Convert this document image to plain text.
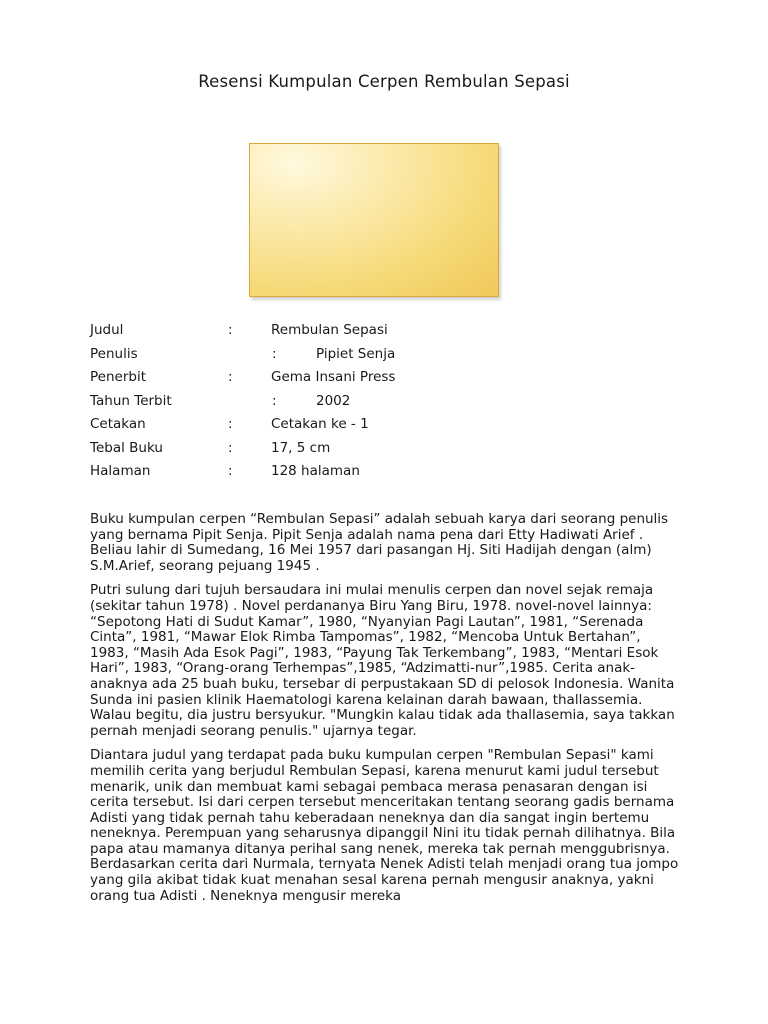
Resensi Kumpulan Cerpen Rembulan Sepasi
Judul	:	Rembulan Sepasi
Penulis	:	Pipiet Senja
Penerbit	:	Gema Insani Press
Tahun Terbit	:	2002
Cetakan	:	Cetakan ke - 1
Tebal Buku	:	17, 5 cm
Halaman	:	128 halaman

Buku kumpulan cerpen “Rembulan Sepasi” adalah sebuah karya dari seorang penulis yang bernama Pipit Senja. Pipit Senja adalah nama pena dari Etty Hadiwati Arief . Beliau lahir di Sumedang, 16 Mei 1957 dari pasangan Hj. Siti Hadijah dengan (alm) S.M.Arief, seorang pejuang 1945 .

Putri sulung dari tujuh bersaudara ini mulai menulis cerpen dan novel sejak remaja (sekitar tahun 1978) . Novel perdananya Biru Yang Biru, 1978. novel-novel lainnya: “Sepotong Hati di Sudut Kamar”, 1980, “Nyanyian Pagi Lautan”, 1981, “Serenada Cinta”, 1981, “Mawar Elok Rimba Tampomas”, 1982, “Mencoba Untuk Bertahan”, 1983, “Masih Ada Esok Pagi”, 1983, “Payung Tak Terkembang”, 1983, “Mentari Esok Hari”, 1983, “Orang-orang Terhempas”,1985, “Adzimatti-nur”,1985. Cerita anak-anaknya ada 25 buah buku, tersebar di perpustakaan SD di pelosok Indonesia. Wanita Sunda ini pasien klinik Haematologi karena kelainan darah bawaan, thallassemia. Walau begitu, dia justru bersyukur. "Mungkin kalau tidak ada thallasemia, saya takkan pernah menjadi seorang penulis." ujarnya tegar.

Diantara judul yang terdapat pada buku kumpulan cerpen "Rembulan Sepasi" kami memilih cerita yang berjudul Rembulan Sepasi, karena menurut kami judul tersebut menarik, unik dan membuat kami sebagai pembaca merasa penasaran dengan isi cerita tersebut. Isi dari cerpen tersebut menceritakan tentang seorang gadis bernama Adisti yang tidak pernah tahu keberadaan neneknya dan dia sangat ingin bertemu neneknya. Perempuan yang seharusnya dipanggil Nini itu tidak pernah dilihatnya. Bila papa atau mamanya ditanya perihal sang nenek, mereka tak pernah menggubrisnya. Berdasarkan cerita dari Nurmala, ternyata Nenek Adisti telah menjadi orang tua jompo yang gila akibat tidak kuat menahan sesal karena pernah mengusir anaknya, yakni orang tua Adisti . Neneknya mengusir mereka
